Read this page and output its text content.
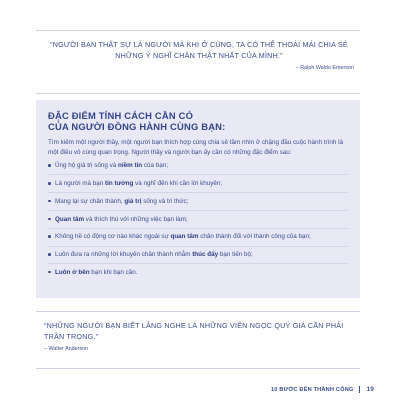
“NGƯỜI BẠN THẬT SỰ LÀ NGƯỜI MÀ KHI Ở CÙNG, TA CÓ THỂ THOẢI MÁI CHIA SẺ NHỮNG Ý NGHĨ CHÂN THẬT NHẤT CỦA MÌNH.”

– Ralph Waldo Emerson

ĐẶC ĐIỂM TÍNH CÁCH CẦN CÓ
CỦA NGƯỜI ĐỒNG HÀNH CÙNG BẠN:

Tìm kiếm một người thầy, một người bạn thích hợp cùng chia sẻ tầm nhìn ở chặng đầu cuộc hành trình là một điều vô cùng quan trọng. Người thầy và người bạn ấy cần có những đặc điểm sau:

Ủng hộ giá trị sống và niềm tin của bạn;
Là người mà bạn tin tưởng và nghĩ đến khi cần lời khuyên;
Mang lại sự chân thành, giá trị sống và tri thức;
Quan tâm và thích thú với những việc bạn làm;
Không hề có động cơ nào khác ngoài sự quan tâm chân thành đối với thành công của bạn;
Luôn đưa ra những lời khuyên chân thành nhằm thúc đẩy bạn tiến bộ;
Luôn ở bên bạn khi bạn cần.

“NHỮNG NGƯỜI BẠN BIẾT LẮNG NGHE LÀ NHỮNG VIÊN NGỌC QUÝ GIÁ CẦN PHẢI TRÂN TRỌNG.”

– Walter Anderson

10 BƯỚC ĐẾN THÀNH CÔNG 19
